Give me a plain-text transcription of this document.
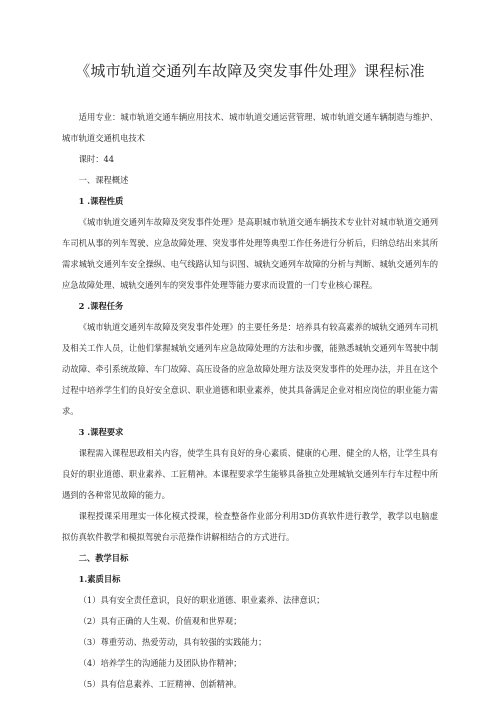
《城市轨道交通列车故障及突发事件处理》课程标准

适用专业：城市轨道交通车辆应用技术、城市轨道交通运营管理、城市轨道交通车辆制造与维护、城市轨道交通机电技术

课时：44

一、课程概述

1 .课程性质

《城市轨道交通列车故障及突发事件处理》是高职城市轨道交通车辆技术专业针对城市轨道交通列车司机从事的列车驾驶、应急故障处理、突发事件处理等典型工作任务进行分析后，归纳总结出来其所需求城轨交通列车安全操纵、电气线路认知与识图、城轨交通列车故障的分析与判断、城轨交通列车的应急故障处理、城轨交通列车的突发事件处理等能力要求而设置的一门专业核心课程。

2 .课程任务

《城市轨道交通列车故障及突发事件处理》的主要任务是：培养具有较高素养的城轨交通列车司机及相关工作人员，让他们掌握城轨交通列车应急故障处理的方法和步骤，能熟悉城轨交通列车驾驶中制动故障、牵引系统故障、车门故障、高压设备的应急故障处理方法及突发事件的处理办法，并且在这个过程中培养学生们的良好安全意识、职业道德和职业素养，使其具备满足企业对相应岗位的职业能力需求。

3 .课程要求

课程需入课程思政相关内容，使学生具有良好的身心素质、健康的心理、健全的人格，让学生具有良好的职业道德、职业素养、工匠精神。本课程要求学生能够具备独立处理城轨交通列车行车过程中所遇到的各种常见故障的能力。

课程授课采用理实一体化模式授课，检查整备作业部分利用3D仿真软件进行教学，教学以电脑虚拟仿真软件教学和模拟驾驶台示范操作讲解相结合的方式进行。

二、教学目标

1.素质目标

（1）具有安全责任意识，良好的职业道德、职业素养、法律意识；

（2）具有正确的人生观、价值观和世界观；

（3）尊重劳动、热爱劳动，具有较强的实践能力；

（4）培养学生的沟通能力及团队协作精神；

（5）具有信息素养、工匠精神、创新精神。
